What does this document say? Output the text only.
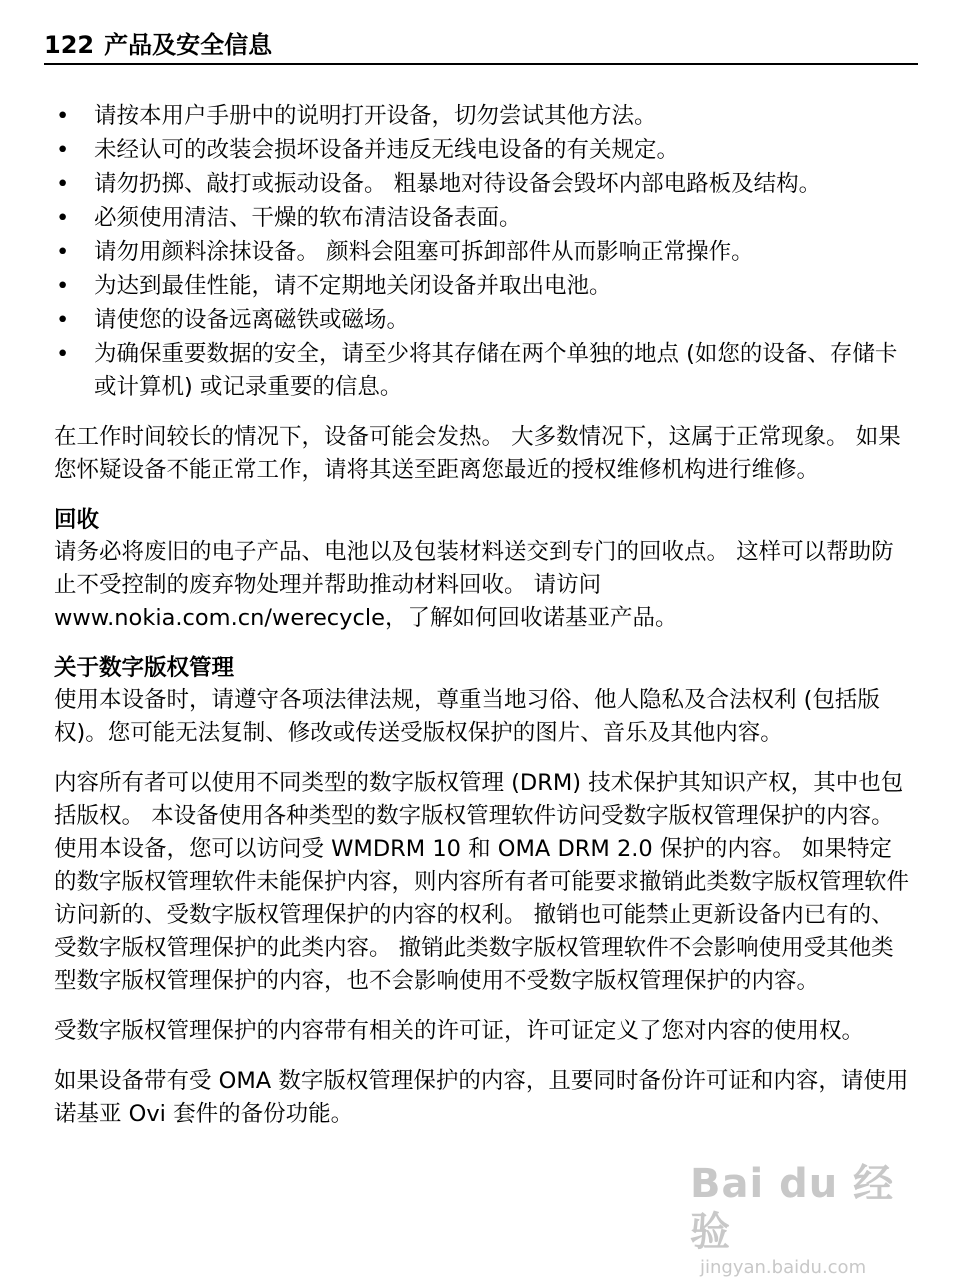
122 产品及安全信息
• 请按本用户手册中的说明打开设备，切勿尝试其他方法。
• 未经认可的改装会损坏设备并违反无线电设备的有关规定。
• 请勿扔掷、敲打或振动设备。 粗暴地对待设备会毁坏内部电路板及结构。
• 必须使用清洁、干燥的软布清洁设备表面。
• 请勿用颜料涂抹设备。 颜料会阻塞可拆卸部件从而影响正常操作。
• 为达到最佳性能，请不定期地关闭设备并取出电池。
• 请使您的设备远离磁铁或磁场。
• 为确保重要数据的安全，请至少将其存储在两个单独的地点 (如您的设备、存储卡或计算机) 或记录重要的信息。

在工作时间较长的情况下，设备可能会发热。 大多数情况下，这属于正常现象。 如果您怀疑设备不能正常工作，请将其送至距离您最近的授权维修机构进行维修。

回收

请务必将废旧的电子产品、电池以及包装材料送交到专门的回收点。 这样可以帮助防止不受控制的废弃物处理并帮助推动材料回收。 请访问 www.nokia.com.cn/werecycle，了解如何回收诺基亚产品。

关于数字版权管理

使用本设备时，请遵守各项法律法规，尊重当地习俗、他人隐私及合法权利 (包括版权)。您可能无法复制、修改或传送受版权保护的图片、音乐及其他内容。

内容所有者可以使用不同类型的数字版权管理 (DRM) 技术保护其知识产权，其中也包括版权。 本设备使用各种类型的数字版权管理软件访问受数字版权管理保护的内容。 使用本设备，您可以访问受 WMDRM 10 和 OMA DRM 2.0 保护的内容。 如果特定的数字版权管理软件未能保护内容，则内容所有者可能要求撤销此类数字版权管理软件访问新的、受数字版权管理保护的内容的权利。 撤销也可能禁止更新设备内已有的、受数字版权管理保护的此类内容。 撤销此类数字版权管理软件不会影响使用受其他类型数字版权管理保护的内容，也不会影响使用不受数字版权管理保护的内容。

受数字版权管理保护的内容带有相关的许可证，许可证定义了您对内容的使用权。

如果设备带有受 OMA 数字版权管理保护的内容，且要同时备份许可证和内容，请使用诺基亚 Ovi 套件的备份功能。

Bai du 经验
jingyan.baidu.com
